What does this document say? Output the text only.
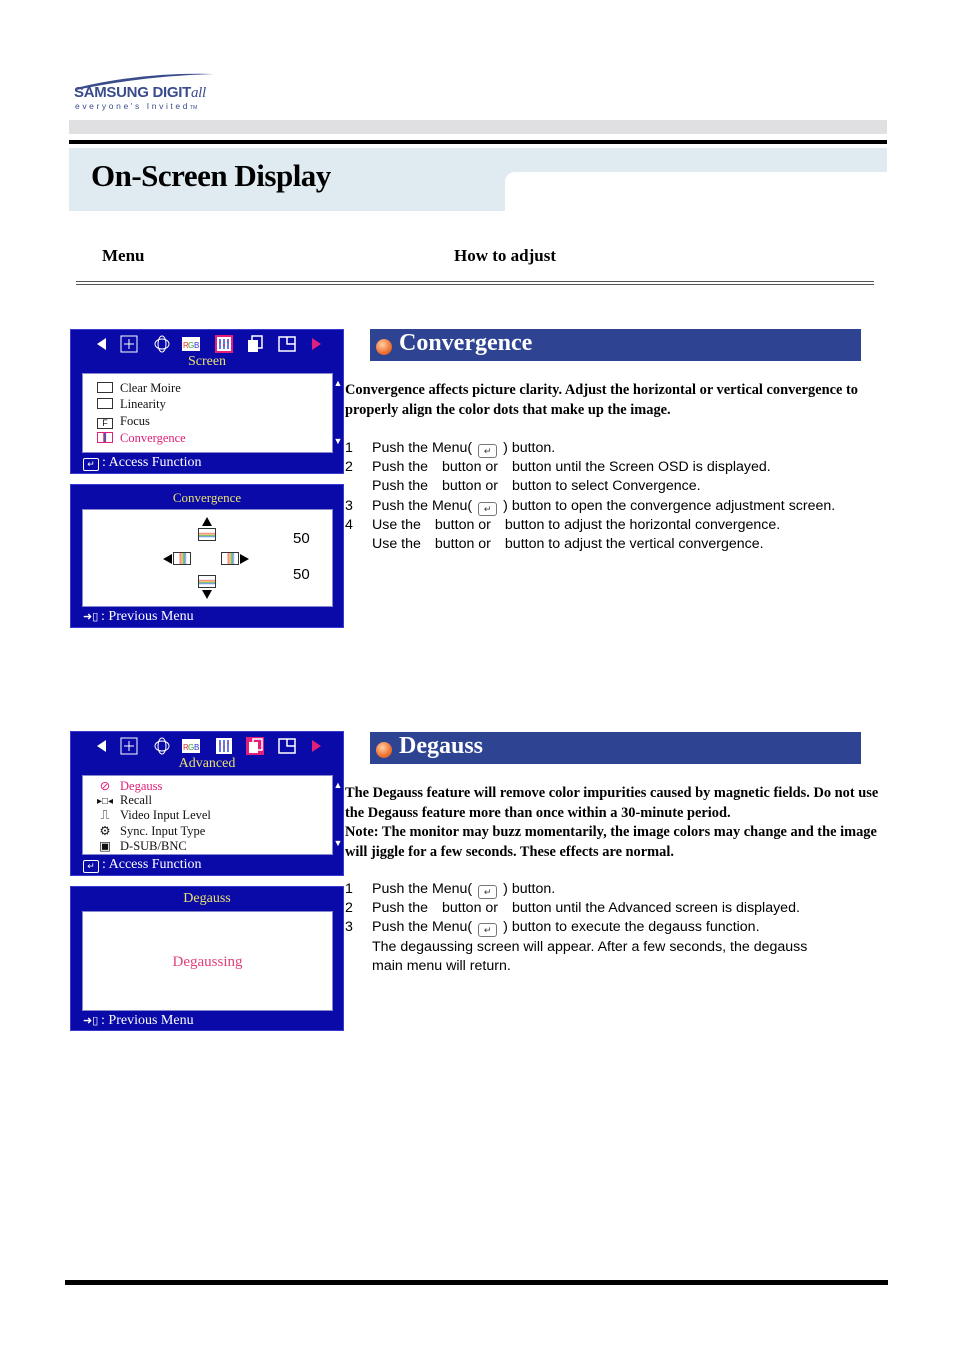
SAMSUNG DIGITall
everyone's InvitedTM
On-Screen Display
Menu	How to adjust
R G B
Screen
Clear Moire
Linearity
F Focus
Convergence
▲
▼
↵ : Access Function
Convergence
50
50
➜▯ : Previous Menu
Convergence
Convergence affects picture clarity. Adjust the horizontal or vertical convergence to properly align the color dots that make up the image.
1 Push the Menu( ↵ ) button.
2 Push the button or button until the Screen OSD is displayed.
Push the button or button to select Convergence.
3 Push the Menu( ↵ ) button to open the convergence adjustment screen.
4 Use the button or button to adjust the horizontal convergence.
Use the button or button to adjust the vertical convergence.
R G B
Advanced
⊘ Degauss
▸□◂ Recall
⎍ Video Input Level
⚙ Sync. Input Type
▣ D-SUB/BNC
▲
▼
↵ : Access Function
Degauss
Degaussing
➜▯ : Previous Menu
Degauss
The Degauss feature will remove color impurities caused by magnetic fields. Do not use the Degauss feature more than once within a 30-minute period.
Note: The monitor may buzz momentarily, the image colors may change and the image will jiggle for a few seconds. These effects are normal.
1 Push the Menu( ↵ ) button.
2 Push the button or button until the Advanced screen is displayed.
3 Push the Menu( ↵ ) button to execute the degauss function.
The degaussing screen will appear. After a few seconds, the degauss
main menu will return.
